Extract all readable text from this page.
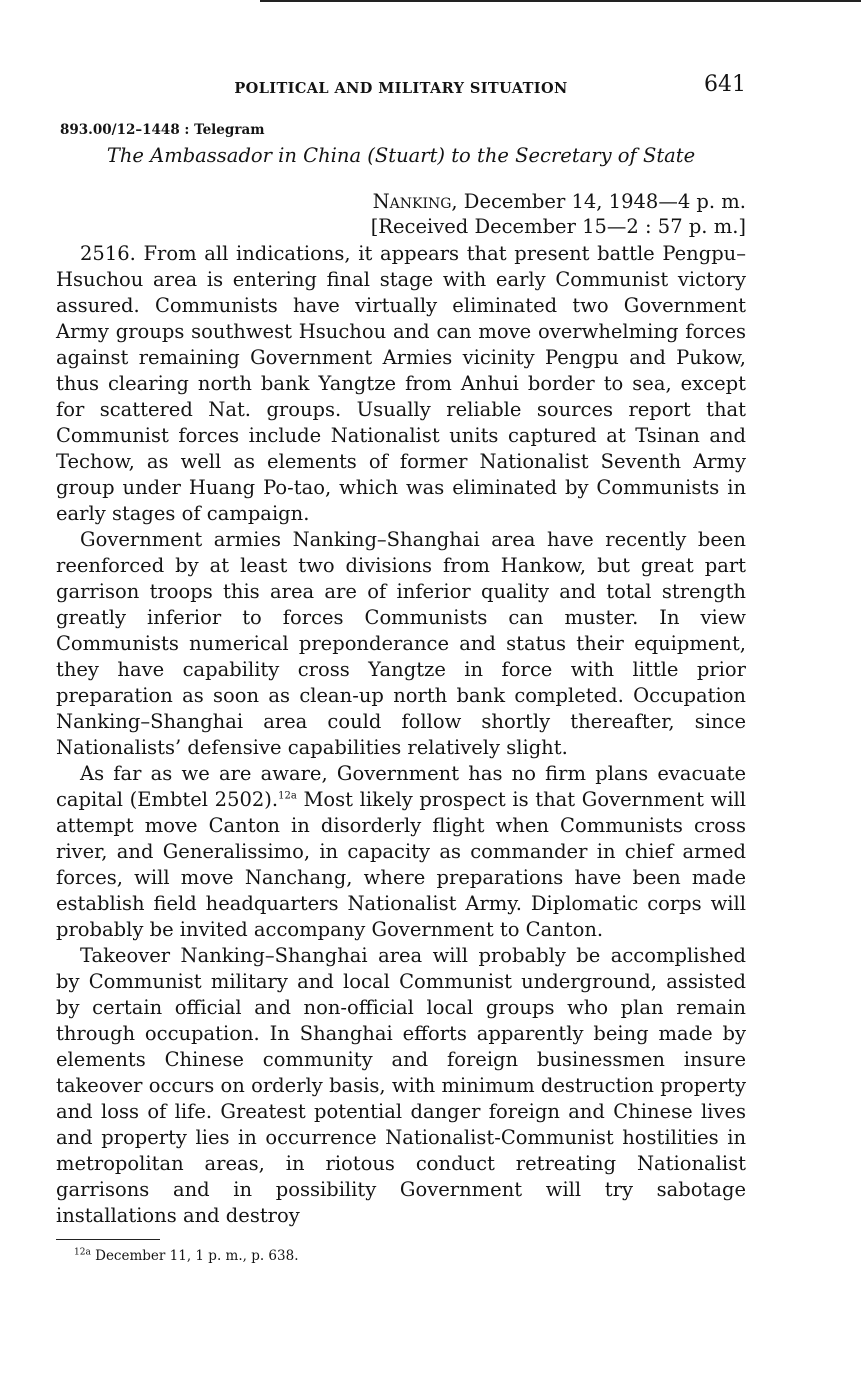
POLITICAL AND MILITARY SITUATION	641
893.00/12–1448 : Telegram
The Ambassador in China (Stuart) to the Secretary of State
Nanking, December 14, 1948—4 p. m.
[Received December 15—2 : 57 p. m.]

2516. From all indications, it appears that present battle Pengpu–Hsuchou area is entering final stage with early Communist victory assured. Communists have virtually eliminated two Government Army groups southwest Hsuchou and can move overwhelming forces against remaining Government Armies vicinity Pengpu and Pukow, thus clearing north bank Yangtze from Anhui border to sea, except for scattered Nat. groups. Usually reliable sources report that Communist forces include Nationalist units captured at Tsinan and Techow, as well as elements of former Nationalist Seventh Army group under Huang Po-tao, which was eliminated by Communists in early stages of campaign.

Government armies Nanking–Shanghai area have recently been reenforced by at least two divisions from Hankow, but great part garrison troops this area are of inferior quality and total strength greatly inferior to forces Communists can muster. In view Communists numerical preponderance and status their equipment, they have capability cross Yangtze in force with little prior preparation as soon as clean-up north bank completed. Occupation Nanking–Shanghai area could follow shortly thereafter, since Nationalists’ defensive capabilities relatively slight.

As far as we are aware, Government has no firm plans evacuate capital (Embtel 2502).$^{12a}$ Most likely prospect is that Government will attempt move Canton in disorderly flight when Communists cross river, and Generalissimo, in capacity as commander in chief armed forces, will move Nanchang, where preparations have been made establish field headquarters Nationalist Army. Diplomatic corps will probably be invited accompany Government to Canton.

Takeover Nanking–Shanghai area will probably be accomplished by Communist military and local Communist underground, assisted by certain official and non-official local groups who plan remain through occupation. In Shanghai efforts apparently being made by elements Chinese community and foreign businessmen insure takeover occurs on orderly basis, with minimum destruction property and loss of life. Greatest potential danger foreign and Chinese lives and property lies in occurrence Nationalist-Communist hostilities in metropolitan areas, in riotous conduct retreating Nationalist garrisons and in possibility Government will try sabotage installations and destroy

$^{12a}$ December 11, 1 p. m., p. 638.
